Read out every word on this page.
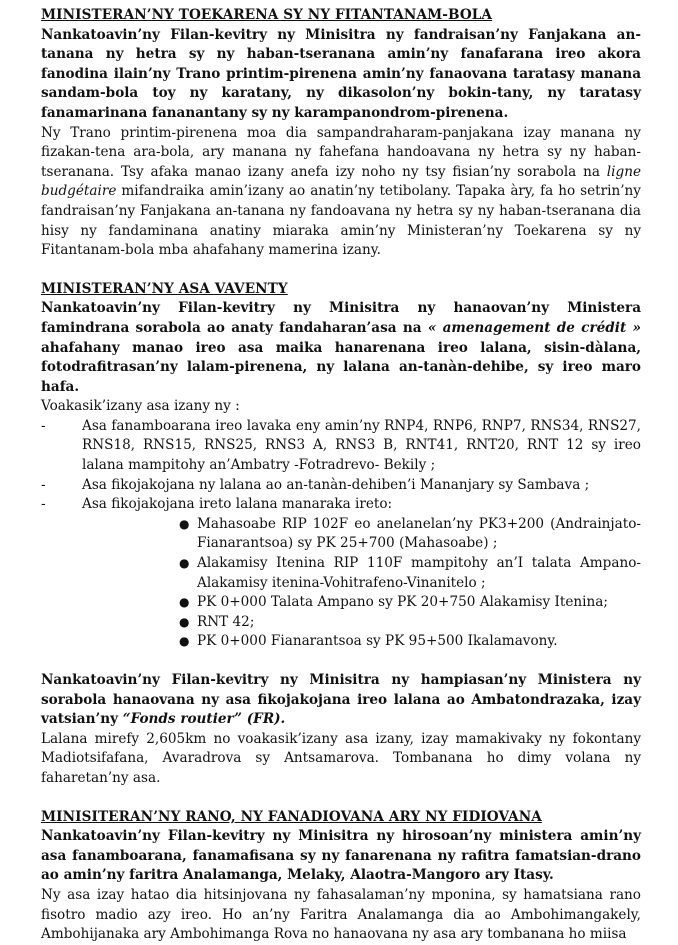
MINISTERAN’NY TOEKARENA SY NY FITANTANAM-BOLA

Nankatoavin’ny Filan-kevitry ny Minisitra ny fandraisan’ny Fanjakana an-tanana ny hetra sy ny haban-tseranana amin’ny fanafarana ireo akora fanodina ilain’ny Trano printim-pirenena amin’ny fanaovana taratasy manana sandam-bola toy ny karatany, ny dikasolon’ny bokin-tany, ny taratasy fanamarinana fananantany sy ny karampanondrom-pirenena.

Ny Trano printim-pirenena moa dia sampandraharam-panjakana izay manana ny fizakan-tena ara-bola, ary manana ny fahefana handoavana ny hetra sy ny haban-tseranana. Tsy afaka manao izany anefa izy noho ny tsy fisian’ny sorabola na ligne budgétaire mifandraika amin’izany ao anatin’ny tetibolany. Tapaka àry, fa ho setrin’ny fandraisan’ny Fanjakana an-tanana ny fandoavana ny hetra sy ny haban-tseranana dia hisy ny fandaminana anatiny miaraka amin’ny Ministeran’ny Toekarena sy ny Fitantanam-bola mba ahafahany mamerina izany.

MINISTERAN’NY ASA VAVENTY

Nankatoavin’ny Filan-kevitry ny Minisitra ny hanaovan’ny Ministera famindrana sorabola ao anaty fandaharan’asa na « amenagement de crédit » ahafahany manao ireo asa maika hanarenana ireo lalana, sisin-dàlana, fotodrafitrasan’ny lalam-pirenena, ny lalana an-tanàn-dehibe, sy ireo maro hafa.

Voakasik’izany asa izany ny :

-	Asa fanamboarana ireo lavaka eny amin’ny RNP4, RNP6, RNP7, RNS34, RNS27, RNS18, RNS15, RNS25, RNS3 A, RNS3 B, RNT41, RNT20, RNT 12 sy ireo lalana mampitohy an’Ambatry -Fotradrevo- Bekily ;
-	Asa fikojakojana ny lalana ao an-tanàn-dehiben’i Mananjary sy Sambava ;
-	Asa fikojakojana ireto lalana manaraka ireto:
● Mahasoabe RIP 102F eo anelanelan’ny PK3+200 (Andrainjato-Fianarantsoa) sy PK 25+700 (Mahasoabe) ;
● Alakamisy Itenina RIP 110F mampitohy an’I talata Ampano-Alakamisy itenina-Vohitrafeno-Vinanitelo ;
● PK 0+000 Talata Ampano sy PK 20+750 Alakamisy Itenina;
● RNT 42;
● PK 0+000 Fianarantsoa sy PK 95+500 Ikalamavony.

Nankatoavin’ny Filan-kevitry ny Minisitra ny hampiasan’ny Ministera ny sorabola hanaovana ny asa fikojakojana ireo lalana ao Ambatondrazaka, izay vatsian’ny “Fonds routier” (FR).

Lalana mirefy 2,605km no voakasik’izany asa izany, izay mamakivaky ny fokontany Madiotsifafana, Avaradrova sy Antsamarova. Tombanana ho dimy volana ny faharetan’ny asa.

MINISITERAN’NY RANO, NY FANADIOVANA ARY NY FIDIOVANA

Nankatoavin’ny Filan-kevitry ny Minisitra ny hirosoan’ny ministera amin’ny asa fanamboarana, fanamafisana sy ny fanarenana ny rafitra famatsian-drano ao amin’ny faritra Analamanga, Melaky, Alaotra-Mangoro ary Itasy.

Ny asa izay hatao dia hitsinjovana ny fahasalaman’ny mponina, sy hamatsiana rano fisotro madio azy ireo. Ho an’ny Faritra Analamanga dia ao Ambohimangakely, Ambohijanaka ary Ambohimanga Rova no hanaovana ny asa ary tombanana ho miisa
